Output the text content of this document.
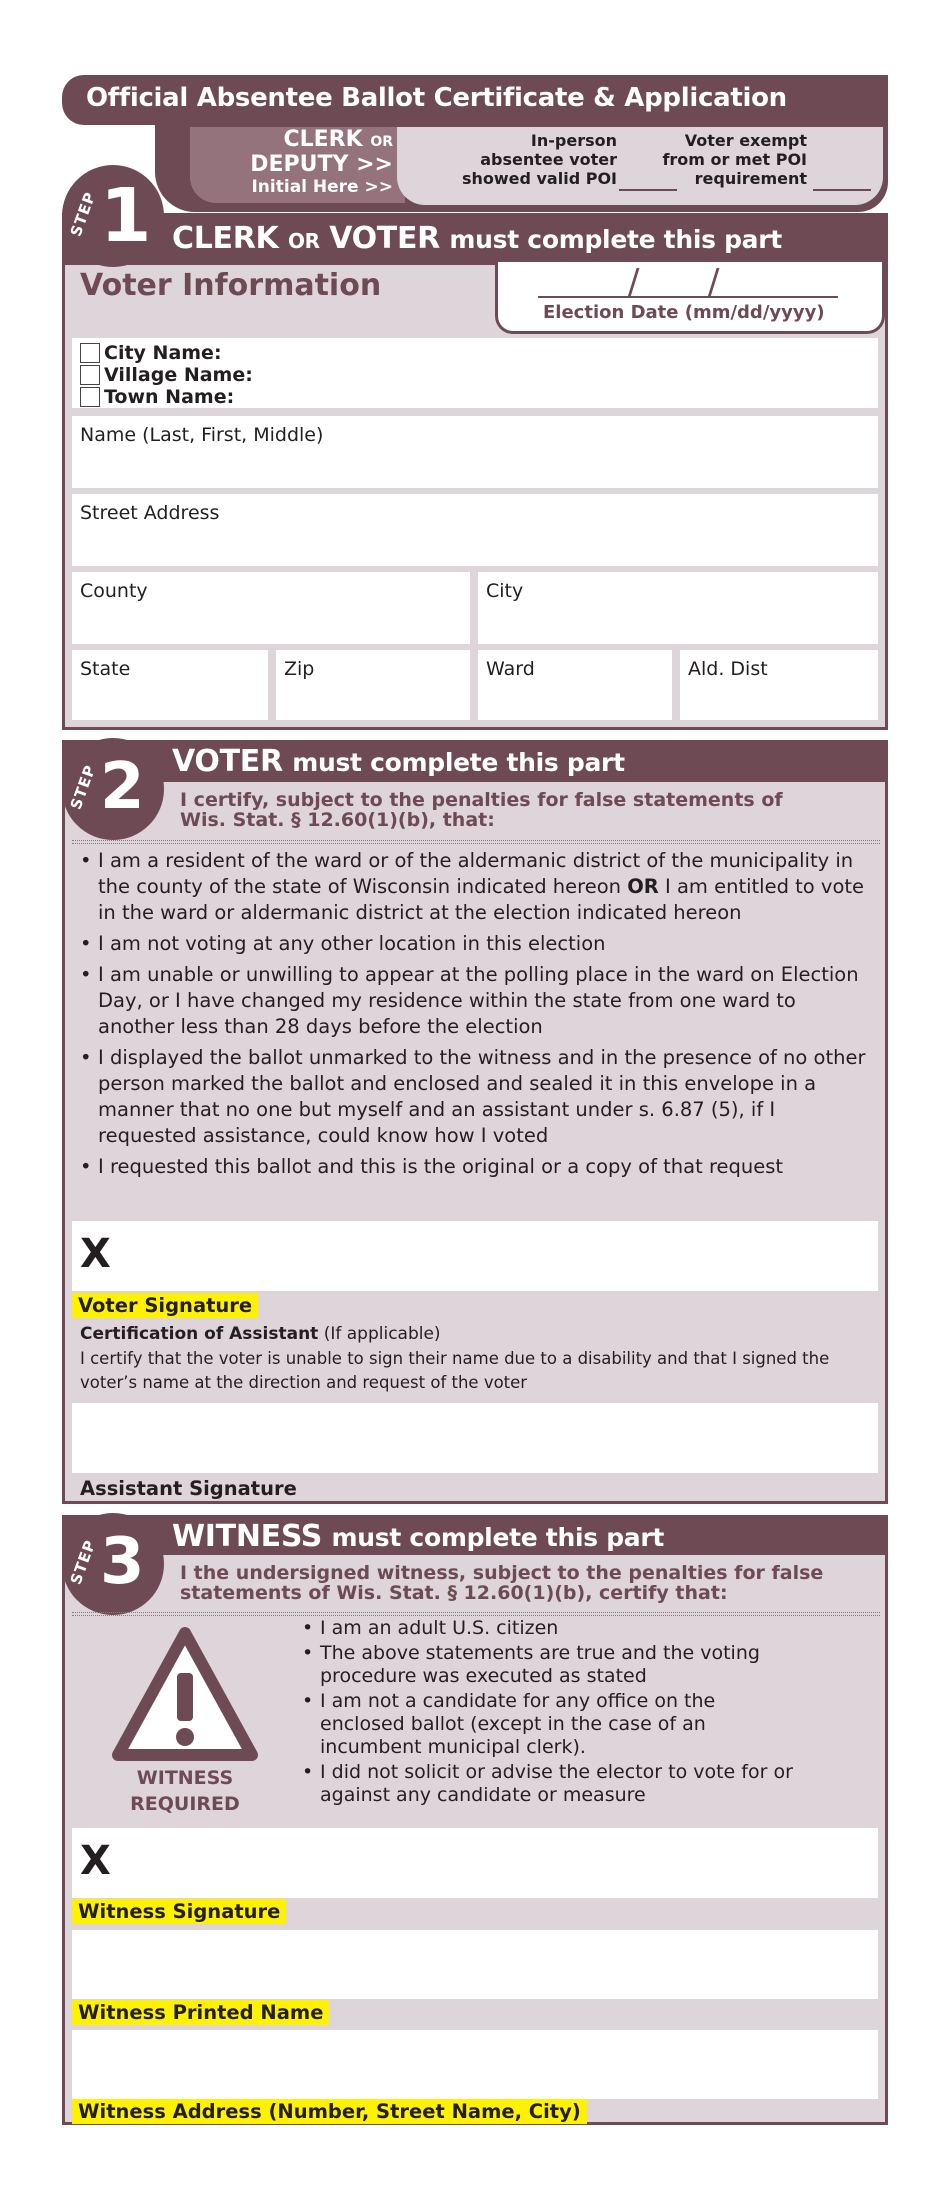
Official Absentee Ballot Certificate & Application
CLERK OR
DEPUTY >>
Initial Here >>
In-person
absentee voter
showed valid POI
Voter exempt
from or met POI
requirement
CLERK OR VOTER must complete this part
STEP 1
Voter Information	/ /
Election Date (mm/dd/yyyy)
City Name:
Village Name:
Town Name:
Name (Last, First, Middle)
Street Address
County	City
State	Zip	Ward	Ald. Dist
VOTER must complete this part
STEP 2 I certify, subject to the penalties for false statements of
Wis. Stat. § 12.60(1)(b), that:
• I am a resident of the ward or of the aldermanic district of the municipality in the county of the state of Wisconsin indicated hereon OR I am entitled to vote in the ward or aldermanic district at the election indicated hereon
• I am not voting at any other location in this election
• I am unable or unwilling to appear at the polling place in the ward on Election Day, or I have changed my residence within the state from one ward to another less than 28 days before the election
• I displayed the ballot unmarked to the witness and in the presence of no other person marked the ballot and enclosed and sealed it in this envelope in a manner that no one but myself and an assistant under s. 6.87 (5), if I requested assistance, could know how I voted
• I requested this ballot and this is the original or a copy of that request
X
Voter Signature
Certification of Assistant (If applicable)
I certify that the voter is unable to sign their name due to a disability and that I signed the voter’s name at the direction and request of the voter
Assistant Signature
WITNESS must complete this part
STEP 3 I the undersigned witness, subject to the penalties for false
statements of Wis. Stat. § 12.60(1)(b), certify that:
WITNESS
REQUIRED
• I am an adult U.S. citizen
• The above statements are true and the voting procedure was executed as stated
• I am not a candidate for any office on the enclosed ballot (except in the case of an incumbent municipal clerk).
• I did not solicit or advise the elector to vote for or against any candidate or measure
X
Witness Signature
Witness Printed Name
Witness Address (Number, Street Name, City)
